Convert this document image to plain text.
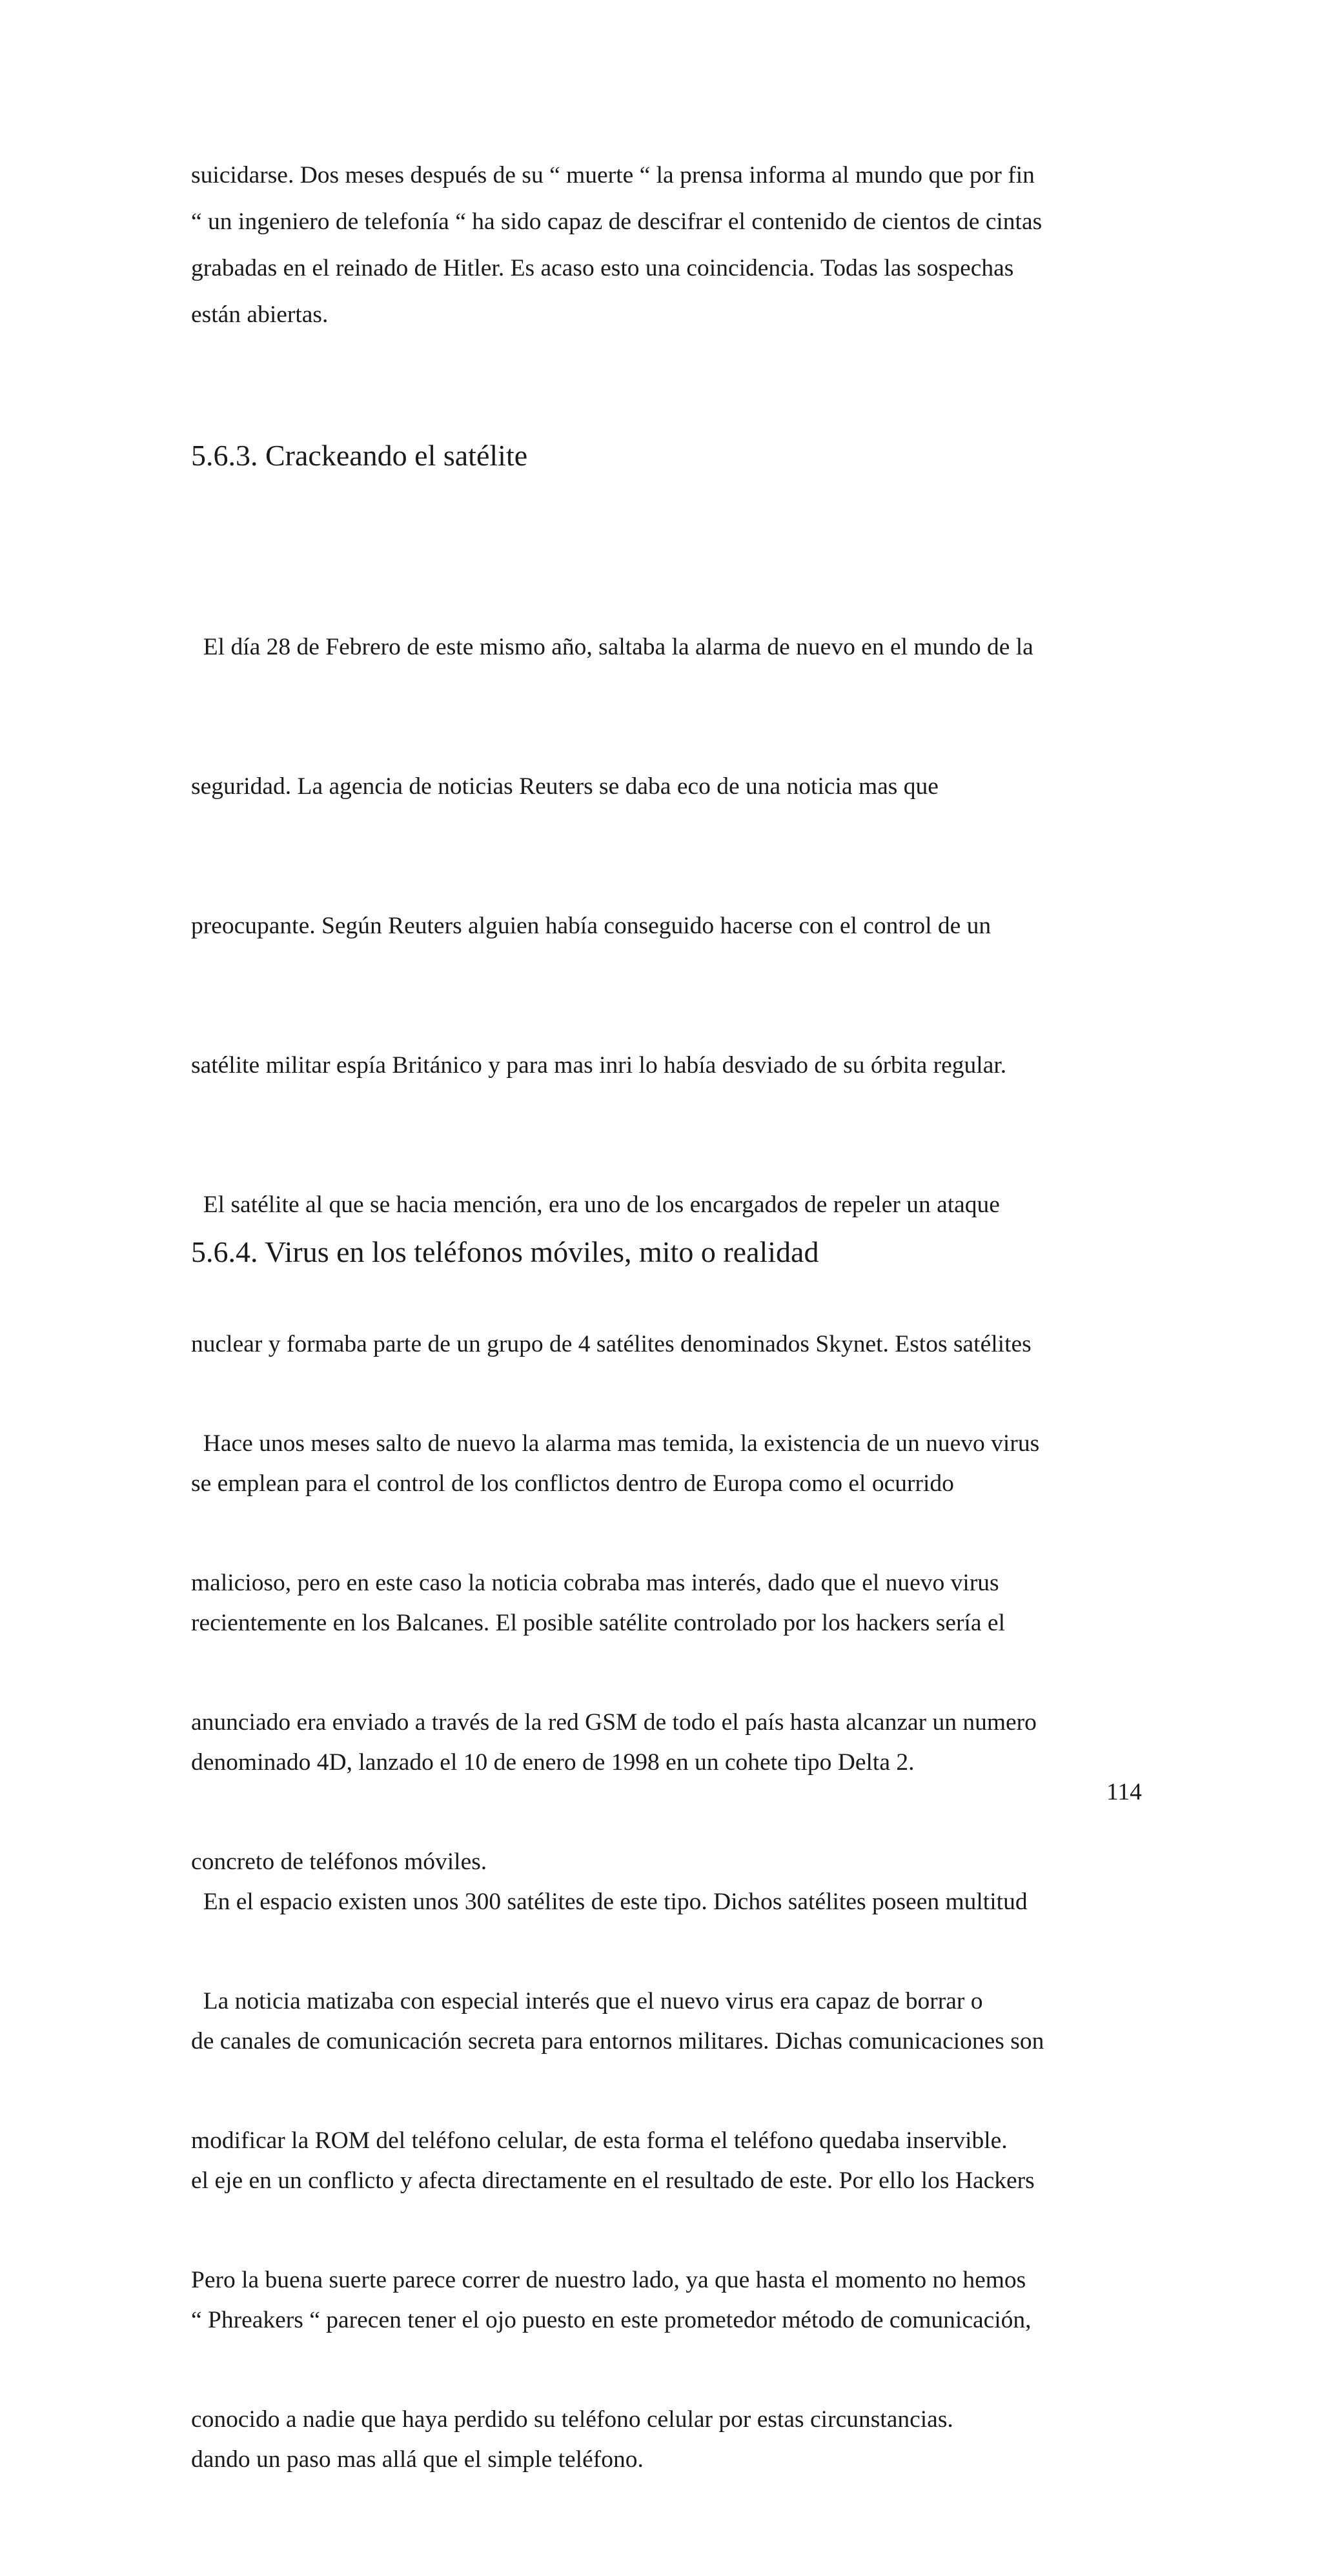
suicidarse. Dos meses después de su “ muerte “ la prensa informa al mundo que por fin
“ un ingeniero de telefonía “ ha sido capaz de descifrar el contenido de cientos de cintas
grabadas en el reinado de Hitler. Es acaso esto una coincidencia. Todas las sospechas
están abiertas.
5.6.3. Crackeando el satélite

El día 28 de Febrero de este mismo año, saltaba la alarma de nuevo en el mundo de la

seguridad. La agencia de noticias Reuters se daba eco de una noticia mas que

preocupante. Según Reuters alguien había conseguido hacerse con el control de un

satélite militar espía Británico y para mas inri lo había desviado de su órbita regular.

El satélite al que se hacia mención, era uno de los encargados de repeler un ataque

nuclear y formaba parte de un grupo de 4 satélites denominados Skynet. Estos satélites

se emplean para el control de los conflictos dentro de Europa como el ocurrido

recientemente en los Balcanes. El posible satélite controlado por los hackers sería el

denominado 4D, lanzado el 10 de enero de 1998 en un cohete tipo Delta 2.

En el espacio existen unos 300 satélites de este tipo. Dichos satélites poseen multitud

de canales de comunicación secreta para entornos militares. Dichas comunicaciones son

el eje en un conflicto y afecta directamente en el resultado de este. Por ello los Hackers

“ Phreakers “ parecen tener el ojo puesto en este prometedor método de comunicación,

dando un paso mas allá que el simple teléfono.

5.6.4. Virus en los teléfonos móviles, mito o realidad

Hace unos meses salto de nuevo la alarma mas temida, la existencia de un nuevo virus

malicioso, pero en este caso la noticia cobraba mas interés, dado que el nuevo virus

anunciado era enviado a través de la red GSM de todo el país hasta alcanzar un numero

concreto de teléfonos móviles.

La noticia matizaba con especial interés que el nuevo virus era capaz de borrar o

modificar la ROM del teléfono celular, de esta forma el teléfono quedaba inservible.

Pero la buena suerte parece correr de nuestro lado, ya que hasta el momento no hemos

conocido a nadie que haya perdido su teléfono celular por estas circunstancias.

114
